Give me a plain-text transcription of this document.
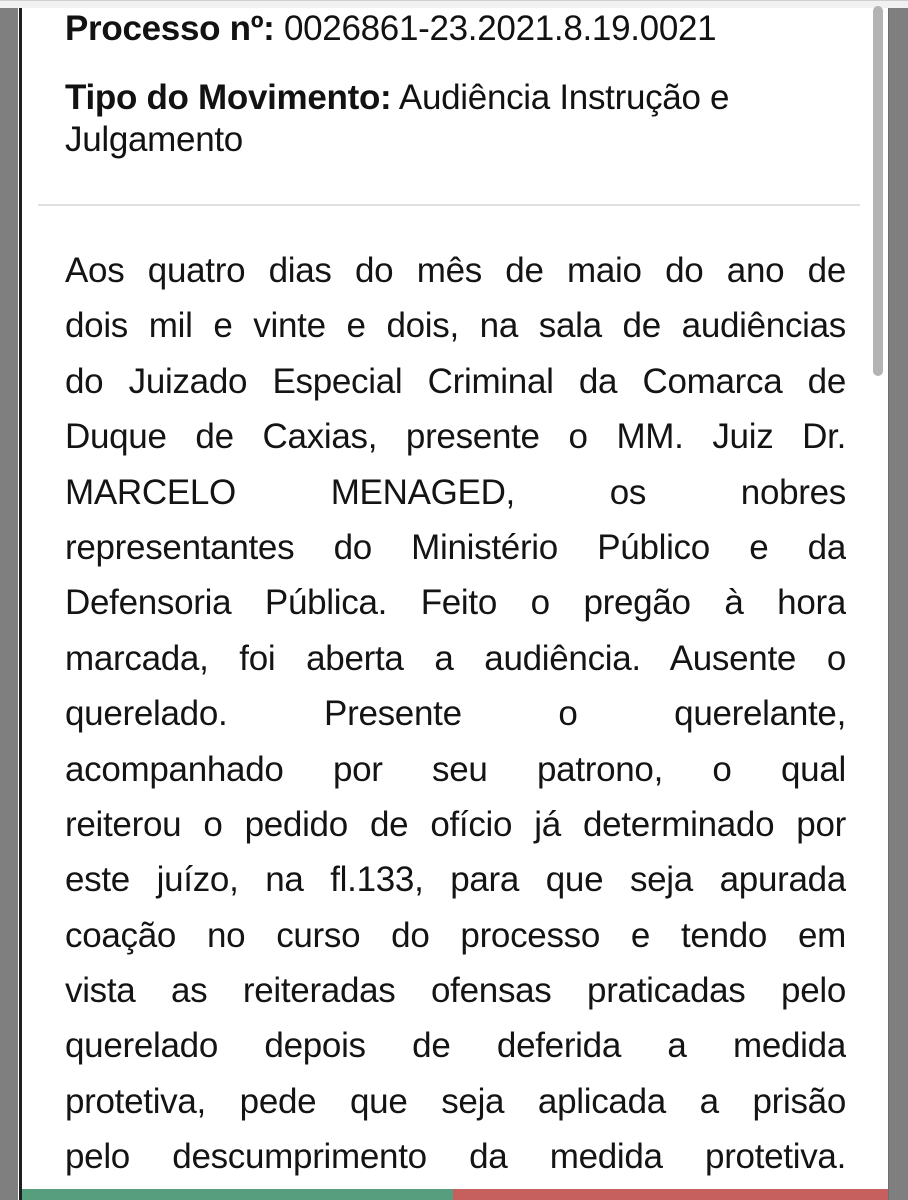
Processo nº: 0026861-23.2021.8.19.0021
Tipo do Movimento: Audiência Instrução e Julgamento
Aos quatro dias do mês de maio do ano de
dois mil e vinte e dois, na sala de audiências
do Juizado Especial Criminal da Comarca de
Duque de Caxias, presente o MM. Juiz Dr.
MARCELO MENAGED, os nobres
representantes do Ministério Público e da
Defensoria Pública. Feito o pregão à hora
marcada, foi aberta a audiência. Ausente o
querelado. Presente o querelante,
acompanhado por seu patrono, o qual
reiterou o pedido de ofício já determinado por
este juízo, na fl.133, para que seja apurada
coação no curso do processo e tendo em
vista as reiteradas ofensas praticadas pelo
querelado depois de deferida a medida
protetiva, pede que seja aplicada a prisão
pelo descumprimento da medida protetiva.
